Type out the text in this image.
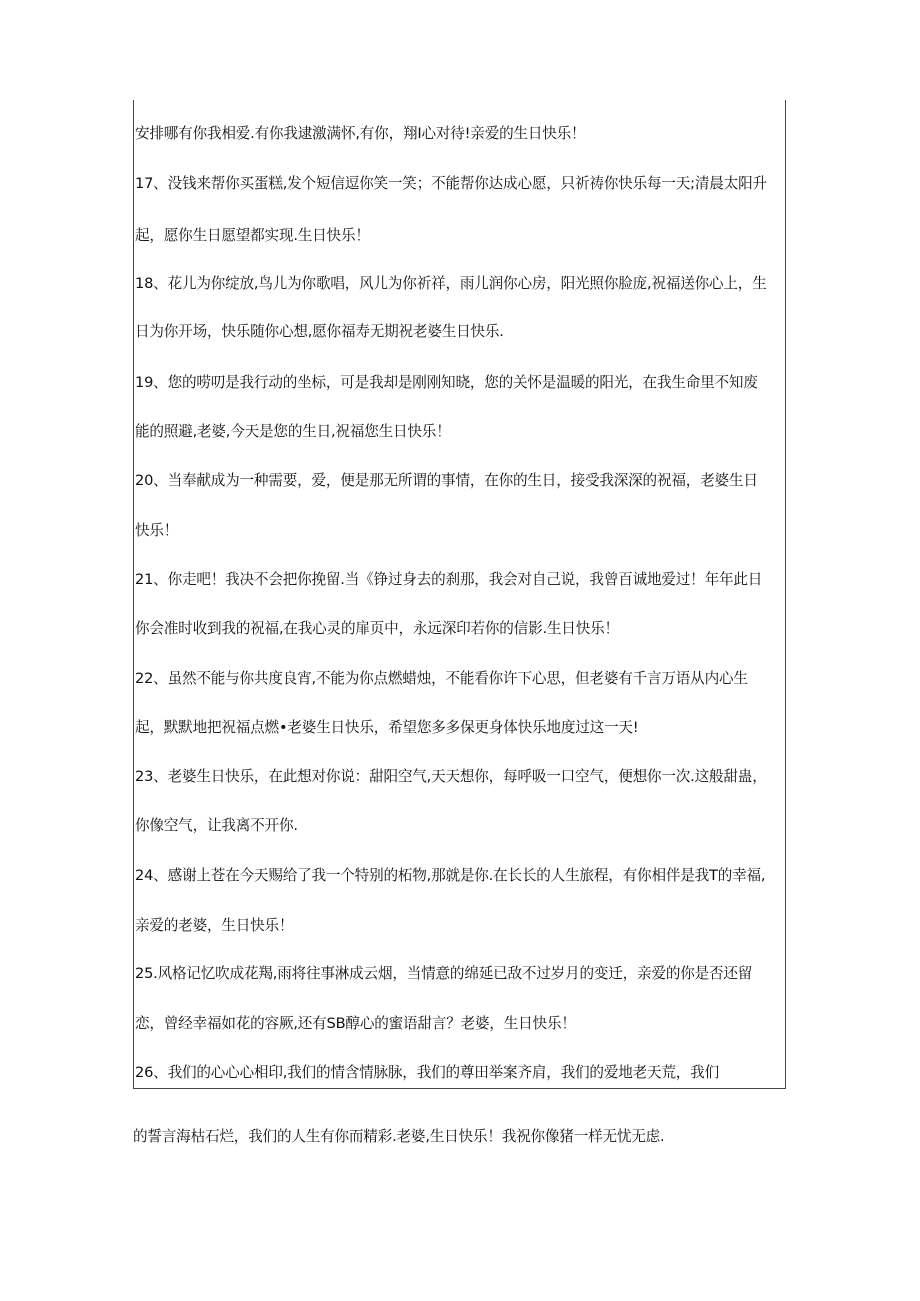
安排哪有你我相爱.有你我逮激满怀,有你，翔I心对待!亲爱的生日快乐！
17、没钱来帮你买蛋糕,发个短信逗你笑一笑；不能帮你达成心愿，只祈祷你快乐每一天;清晨太阳升
起，愿你生日愿望都实现.生日快乐！
18、花儿为你绽放,鸟儿为你歌唱，风儿为你祈祥，雨儿润你心房，阳光照你脸庞,祝福送你心上，生
日为你开场，快乐随你心想,愿你福寿无期祝老婆生日快乐.
19、您的唠叨是我行动的坐标，可是我却是刚刚知晓，您的关怀是温暖的阳光，在我生命里不知废
能的照避,老婆,今天是您的生日,祝福您生日快乐！
20、当奉献成为一种需要，爱，便是那无所谓的事情，在你的生日，接受我深深的祝福，老婆生日
快乐！
21、你走吧！我决不会把你挽留.当《铮过身去的刹那，我会对自己说，我曾百诚地爱过！年年此日
你会准时收到我的祝福,在我心灵的扉页中，永远深印若你的信影.生日快乐！
22、虽然不能与你共度良宵,不能为你点燃蜡烛，不能看你许下心思，但老婆有千言万语从内心生
起，默默地把祝福点燃•老婆生日快乐，希望您多多保更身体快乐地度过这一天!
23、老婆生日快乐，在此想对你说：甜阳空气,天天想你，每呼吸一口空气，便想你一次.这般甜蛊，
你像空气，让我离不开你.
24、感谢上苍在今天赐给了我一个特别的柘物,那就是你.在长长的人生旅程，有你相伴是我T的幸福,
亲爱的老婆，生日快乐！
25.风格记忆吹成花羯,雨将往事淋成云烟，当情意的绵延已敌不过岁月的变迁，亲爱的你是否还留
恋，曾经幸福如花的容厥,还有SB醇心的蜜语甜言？老婆，生日快乐！
26、我们的心心心相印,我们的情含情脉脉，我们的尊田举案齐肩，我们的爱地老天荒，我们
的誓言海枯石烂，我们的人生有你而精彩.老婆,生日快乐！我祝你像猪一样无忧无虑.
